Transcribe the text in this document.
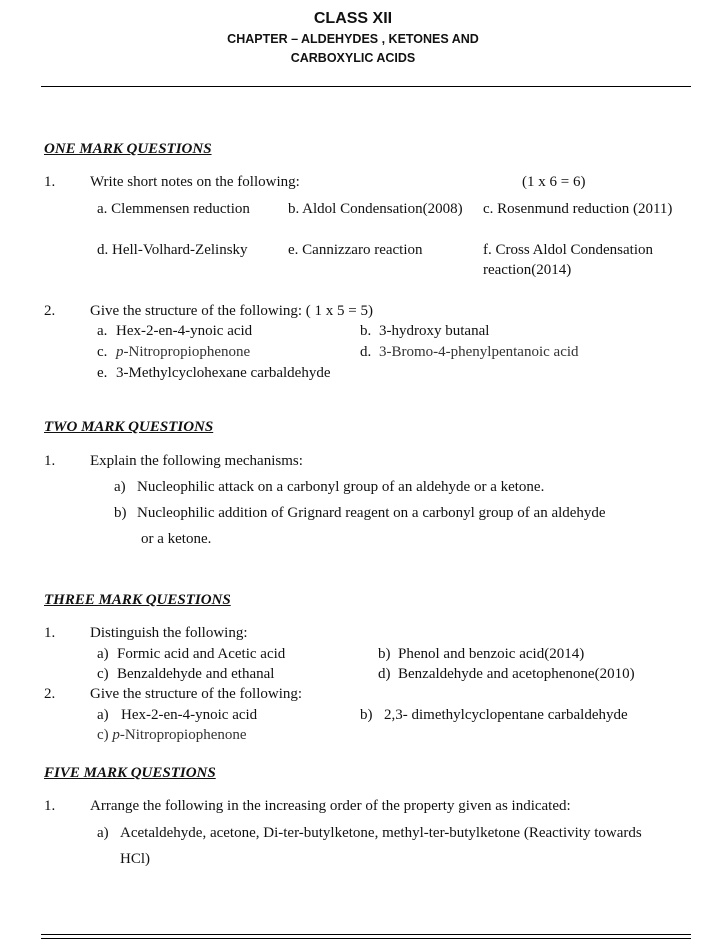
CLASS XII
CHAPTER – ALDEHYDES , KETONES AND
CARBOXYLIC ACIDS
ONE MARK QUESTIONS
1. Write short notes on the following:	(1 x 6 = 6)
a. Clemmensen reduction	b. Aldol Condensation(2008) c. Rosenmund reduction (2011)
d. Hell-Volhard-Zelinsky	e. Cannizzaro reaction	f. Cross Aldol Condensation
reaction(2014)
2. Give the structure of the following: ( 1 x 5 = 5)
a. Hex-2-en-4-ynoic acid	b. 3-hydroxy butanal
c. p-Nitropropiophenone	d. 3-Bromo-4-phenylpentanoic acid
e. 3-Methylcyclohexane carbaldehyde
TWO MARK QUESTIONS
1. Explain the following mechanisms:
a) Nucleophilic attack on a carbonyl group of an aldehyde or a ketone.
b) Nucleophilic addition of Grignard reagent on a carbonyl group of an aldehyde
or a ketone.
THREE MARK QUESTIONS
1. Distinguish the following:
a) Formic acid and Acetic acid	b) Phenol and benzoic acid(2014)
c) Benzaldehyde and ethanal	d) Benzaldehyde and acetophenone(2010)
2. Give the structure of the following:
a) Hex-2-en-4-ynoic acid	b) 2,3- dimethylcyclopentane carbaldehyde
c) p-Nitropropiophenone
FIVE MARK QUESTIONS
1. Arrange the following in the increasing order of the property given as indicated:
a) Acetaldehyde, acetone, Di-ter-butylketone, methyl-ter-butylketone (Reactivity towards
HCl)
